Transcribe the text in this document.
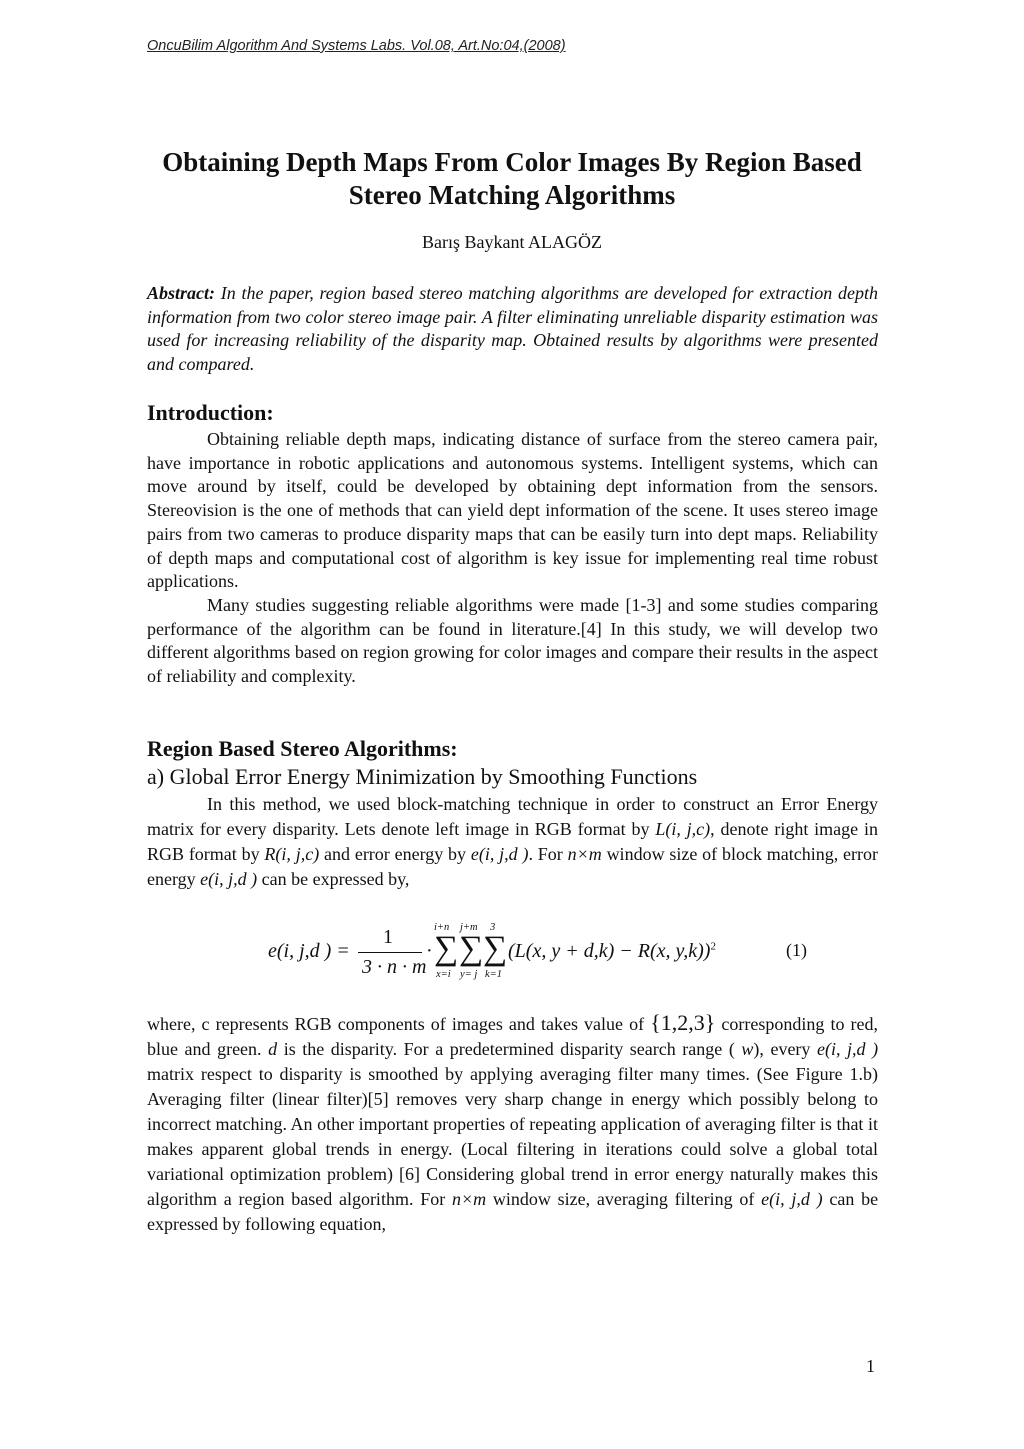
OncuBilim Algorithm And Systems Labs. Vol.08, Art.No:04,(2008)
Obtaining Depth Maps From Color Images By Region Based
Stereo Matching Algorithms
Barış Baykant ALAGÖZ

Abstract: In the paper, region based stereo matching algorithms are developed for extraction depth information from two color stereo image pair. A filter eliminating unreliable disparity estimation was used for increasing reliability of the disparity map. Obtained results by algorithms were presented and compared.

Introduction:

Obtaining reliable depth maps, indicating distance of surface from the stereo camera pair, have importance in robotic applications and autonomous systems. Intelligent systems, which can move around by itself, could be developed by obtaining dept information from the sensors. Stereovision is the one of methods that can yield dept information of the scene. It uses stereo image pairs from two cameras to produce disparity maps that can be easily turn into dept maps. Reliability of depth maps and computational cost of algorithm is key issue for implementing real time robust applications.

Many studies suggesting reliable algorithms were made [1-3] and some studies comparing performance of the algorithm can be found in literature.[4] In this study, we will develop two different algorithms based on region growing for color images and compare their results in the aspect of reliability and complexity.

Region Based Stereo Algorithms:
a) Global Error Energy Minimization by Smoothing Functions

In this method, we used block-matching technique in order to construct an Error Energy matrix for every disparity. Lets denote left image in RGB format by L(i, j,c), denote right image in RGB format by R(i, j,c) and error energy by e(i, j,d ). For n×m window size of block matching, error energy e(i, j,d ) can be expressed by,

e(i, j,d ) =
1
3 · n · m
·
i+n
∑
x=i
j+m
∑
y= j
3
∑
k=1
(L(x, y + d,k) − R(x, y,k))$^2$	(1)

where, c represents RGB components of images and takes value of {1,2,3} corresponding to red, blue and green. d is the disparity. For a predetermined disparity search range ( w), every e(i, j,d ) matrix respect to disparity is smoothed by applying averaging filter many times. (See Figure 1.b) Averaging filter (linear filter)[5] removes very sharp change in energy which possibly belong to incorrect matching. An other important properties of repeating application of averaging filter is that it makes apparent global trends in energy. (Local filtering in iterations could solve a global total variational optimization problem) [6] Considering global trend in error energy naturally makes this algorithm a region based algorithm. For n×m window size, averaging filtering of e(i, j,d ) can be expressed by following equation,

1
